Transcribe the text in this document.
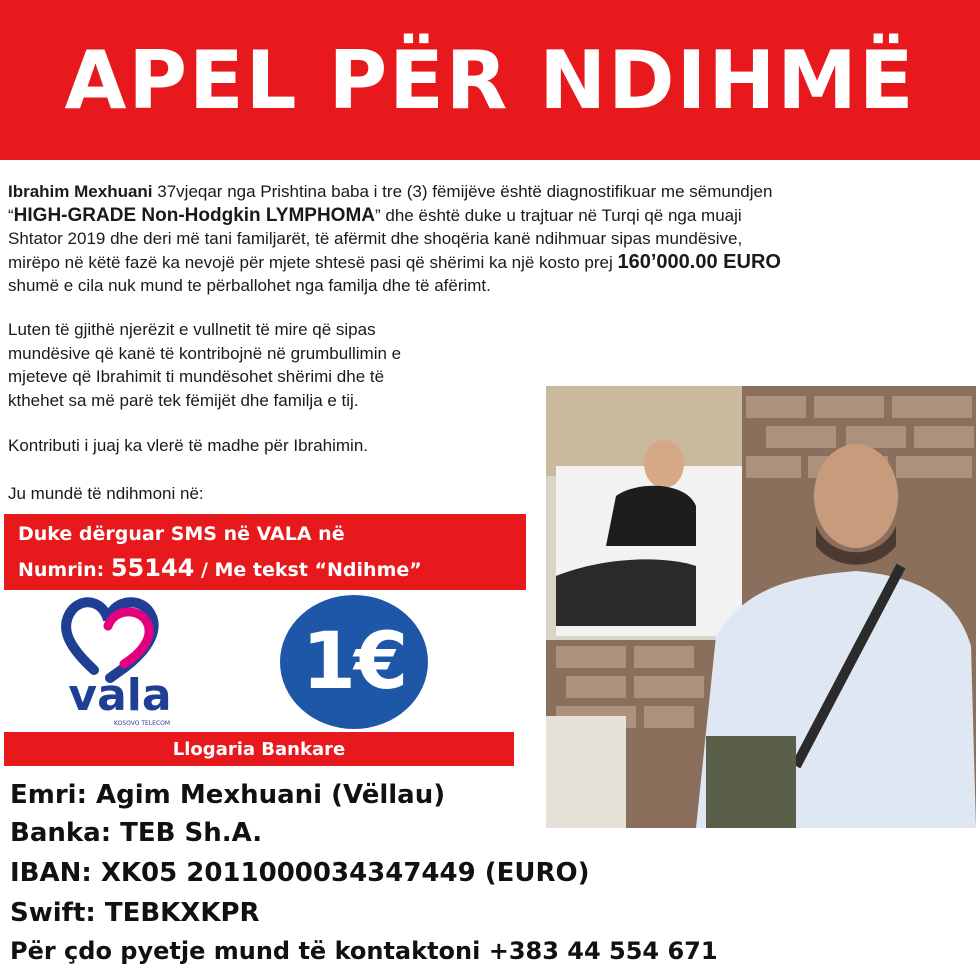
APEL PËR NDIHMË
Ibrahim Mexhuani 37vjeqar nga Prishtina baba i tre (3) fëmijëve është diagnostifikuar me sëmundjen
“HIGH-GRADE Non-Hodgkin LYMPHOMA” dhe është duke u trajtuar në Turqi që nga muaji
Shtator 2019 dhe deri më tani familjarët, të afërmit dhe shoqëria kanë ndihmuar sipas mundësive,
mirëpo në këtë fazë ka nevojë për mjete shtesë pasi që shërimi ka një kosto prej 160’000.00 EURO
shumë e cila nuk mund te përballohet nga familja dhe të afërimt.
Luten të gjithë njerëzit e vullnetit të mire që sipas
mundësive që kanë të kontribojnë në grumbullimin e
mjeteve që Ibrahimit ti mundësohet shërimi dhe të
kthehet sa më parë tek fëmijët dhe familja e tij.
Kontributi i juaj ka vlerë të madhe për Ibrahimin.
Ju mundë të ndihmoni në:
Duke dërguar SMS në VALA në
Numrin: 55144 / Me tekst “Ndihme”
vala
KOSOVO TELECOM
1€
Llogaria Bankare
Emri: Agim Mexhuani (Vëllau)
Banka: TEB Sh.A.
IBAN: XK05 2011000034347449 (EURO)
Swift: TEBKXKPR
Për çdo pyetje mund të kontaktoni +383 44 554 671
